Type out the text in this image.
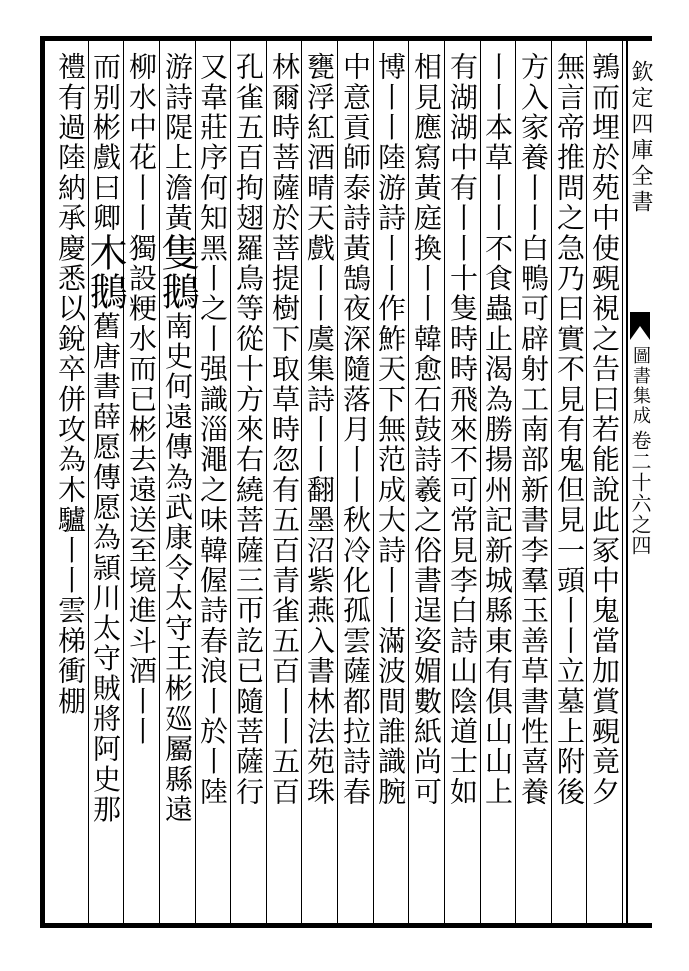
欽定四庫全書
圖書集成
卷二十六之四
鶉而埋於苑中使覡視之告曰若能說此冢中鬼當加賞覡竟夕
無言帝推問之急乃曰實不見有鬼但見一頭丨丨立墓上附後
方入家養丨丨白鴨可辟射工南部新書李羣玉善草書性喜養
丨丨本草丨丨不食蟲止渴為勝揚州記新城縣東有俱山山上
有湖湖中有丨丨十隻時時飛來不可常見李白詩山陰道士如
相見應寫黃庭換丨丨韓愈石鼓詩羲之俗書逞姿媚數紙尚可
博丨丨陸游詩丨丨作鮓天下無范成大詩丨丨滿波間誰識腕
中意貢師泰詩黃鵠夜深隨落月丨丨秋冷化孤雲薩都拉詩春
甕浮紅酒晴天戲丨丨虞集詩丨丨翻墨沼紫燕入書林法苑珠
林爾時菩薩於菩提樹下取草時忽有五百青雀五百丨丨五百
孔雀五百拘翅羅鳥等從十方來右繞菩薩三帀訖已隨菩薩行
又韋莊序何知黑丨之丨强識淄澠之味韓偓詩春浪丨於丨陸
游詩隄上澹黃隻鵝南史何遠傳為武康令太守王彬廵屬縣遠
柳水中花丨丨獨設粳水而已彬去遠送至境進斗酒丨丨
而别彬戲曰卿木鵝舊唐書薛愿傳愿為頴川太守賊將阿史那
禮有過陸納承慶悉以銳卒併攻為木驢丨丨雲梯衝棚
